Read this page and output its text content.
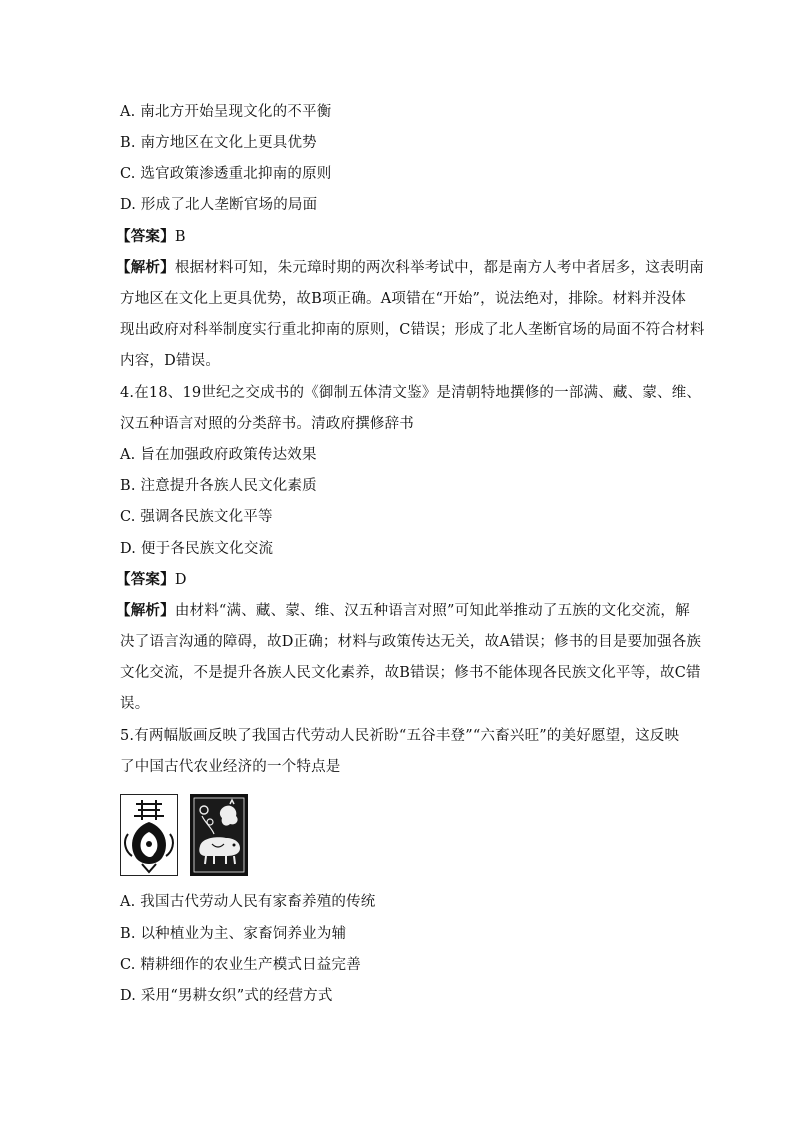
A. 南北方开始呈现文化的不平衡
B. 南方地区在文化上更具优势
C. 选官政策渗透重北抑南的原则
D. 形成了北人垄断官场的局面
【答案】B
【解析】根据材料可知，朱元璋时期的两次科举考试中，都是南方人考中者居多，这表明南
方地区在文化上更具优势，故B项正确。A项错在“开始”，说法绝对，排除。材料并没体
现出政府对科举制度实行重北抑南的原则，C错误；形成了北人垄断官场的局面不符合材料
内容，D错误。
4.在18、19世纪之交成书的《御制五体清文鉴》是清朝特地撰修的一部满、藏、蒙、维、
汉五种语言对照的分类辞书。清政府撰修辞书
A. 旨在加强政府政策传达效果
B. 注意提升各族人民文化素质
C. 强调各民族文化平等
D. 便于各民族文化交流
【答案】D
【解析】由材料“满、藏、蒙、维、汉五种语言对照”可知此举推动了五族的文化交流，解
决了语言沟通的障碍，故D正确；材料与政策传达无关，故A错误；修书的目是要加强各族
文化交流，不是提升各族人民文化素养，故B错误；修书不能体现各民族文化平等，故C错
误。
5.有两幅版画反映了我国古代劳动人民祈盼“五谷丰登”“六畜兴旺”的美好愿望，这反映
了中国古代农业经济的一个特点是
A. 我国古代劳动人民有家畜养殖的传统
B. 以种植业为主、家畜饲养业为辅
C. 精耕细作的农业生产模式日益完善
D. 采用“男耕女织”式的经营方式
